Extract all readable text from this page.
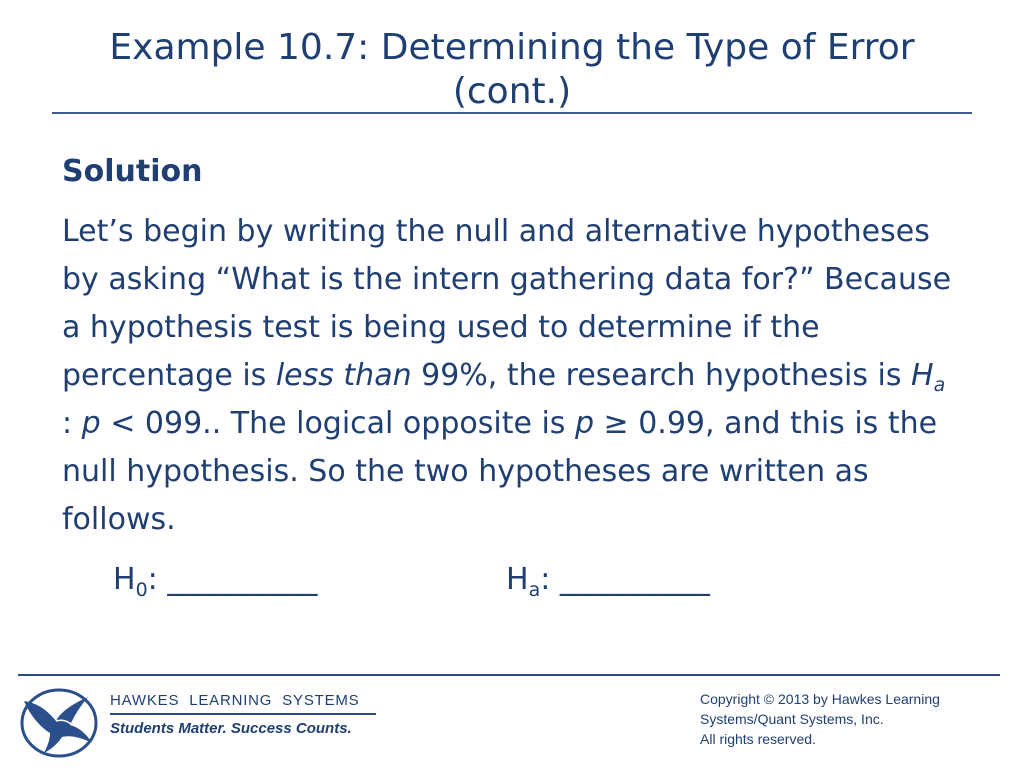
Example 10.7: Determining the Type of Error
(cont.)
Solution

Let’s begin by writing the null and alternative hypotheses by asking “What is the intern gathering data for?” Because a hypothesis test is being used to determine if the percentage is less than 99%, the research hypothesis is $H_a$ : p < 099.. The logical opposite is p ≥ 0.99, and this is the null hypothesis. So the two hypotheses are written as follows.

$H_0$: __________	$H_a$: __________
HAWKES  LEARNING  SYSTEMS
Students Matter. Success Counts.
Copyright © 2013 by Hawkes Learning
Systems/Quant Systems, Inc.
All rights reserved.
